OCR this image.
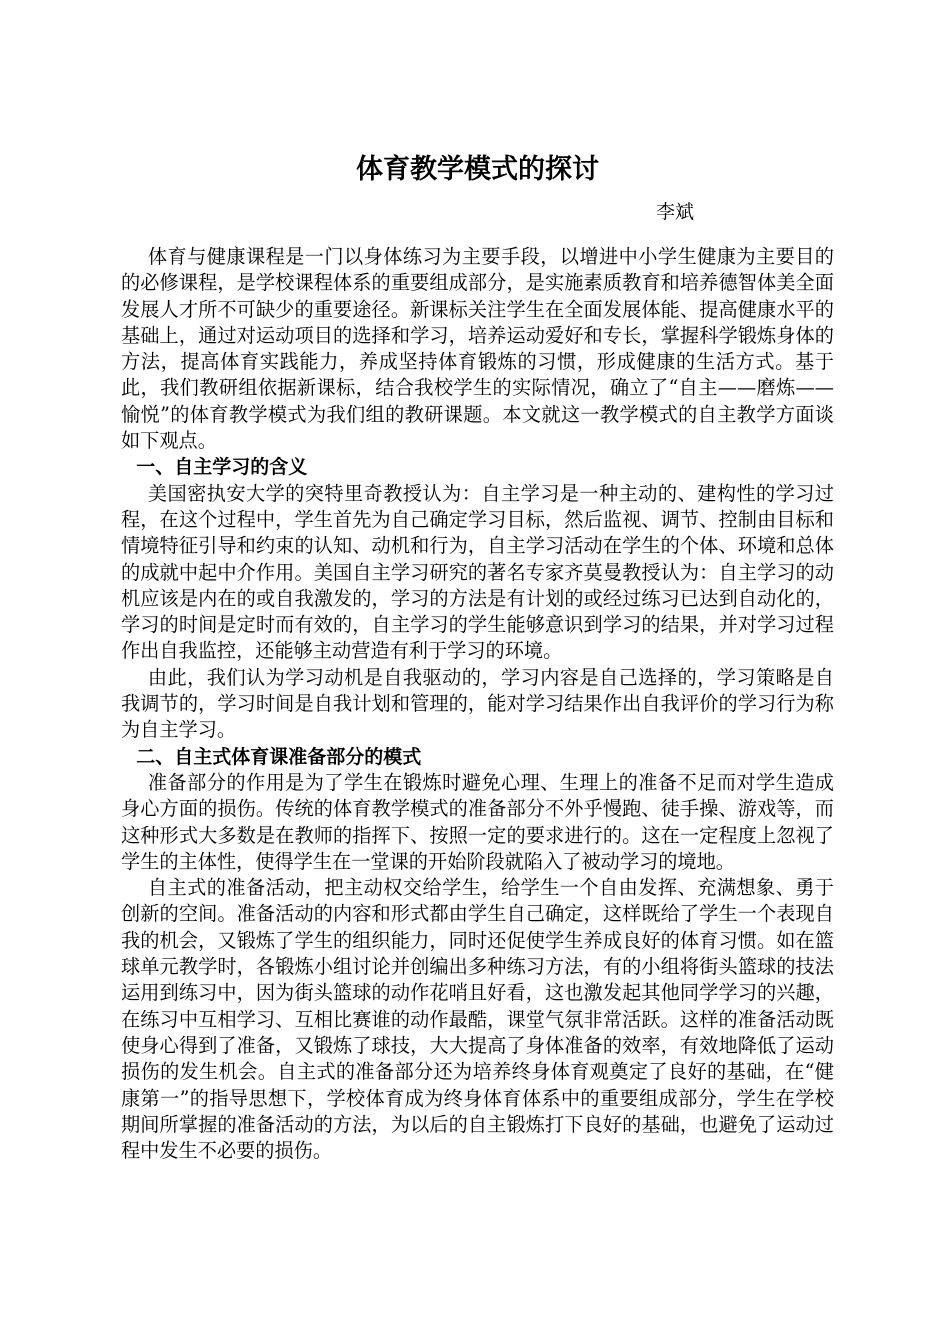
体育教学模式的探讨
李斌

体育与健康课程是一门以身体练习为主要手段，以增进中小学生健康为主要目的的必修课程，是学校课程体系的重要组成部分，是实施素质教育和培养德智体美全面发展人才所不可缺少的重要途径。新课标关注学生在全面发展体能、提高健康水平的基础上，通过对运动项目的选择和学习，培养运动爱好和专长，掌握科学锻炼身体的方法，提高体育实践能力，养成坚持体育锻炼的习惯，形成健康的生活方式。基于此，我们教研组依据新课标，结合我校学生的实际情况，确立了“自主——磨炼——愉悦”的体育教学模式为我们组的教研课题。本文就这一教学模式的自主教学方面谈如下观点。

一、自主学习的含义

美国密执安大学的突特里奇教授认为：自主学习是一种主动的、建构性的学习过程，在这个过程中，学生首先为自己确定学习目标，然后监视、调节、控制由目标和情境特征引导和约束的认知、动机和行为，自主学习活动在学生的个体、环境和总体的成就中起中介作用。美国自主学习研究的著名专家齐莫曼教授认为：自主学习的动机应该是内在的或自我激发的，学习的方法是有计划的或经过练习已达到自动化的，学习的时间是定时而有效的，自主学习的学生能够意识到学习的结果，并对学习过程作出自我监控，还能够主动营造有利于学习的环境。

由此，我们认为学习动机是自我驱动的，学习内容是自己选择的，学习策略是自我调节的，学习时间是自我计划和管理的，能对学习结果作出自我评价的学习行为称为自主学习。

二、自主式体育课准备部分的模式

准备部分的作用是为了学生在锻炼时避免心理、生理上的准备不足而对学生造成身心方面的损伤。传统的体育教学模式的准备部分不外乎慢跑、徒手操、游戏等，而这种形式大多数是在教师的指挥下、按照一定的要求进行的。这在一定程度上忽视了学生的主体性，使得学生在一堂课的开始阶段就陷入了被动学习的境地。

自主式的准备活动，把主动权交给学生，给学生一个自由发挥、充满想象、勇于创新的空间。准备活动的内容和形式都由学生自己确定，这样既给了学生一个表现自我的机会，又锻炼了学生的组织能力，同时还促使学生养成良好的体育习惯。如在篮球单元教学时，各锻炼小组讨论并创编出多种练习方法，有的小组将街头篮球的技法运用到练习中，因为街头篮球的动作花哨且好看，这也激发起其他同学学习的兴趣，在练习中互相学习、互相比赛谁的动作最酷，课堂气氛非常活跃。这样的准备活动既使身心得到了准备，又锻炼了球技，大大提高了身体准备的效率，有效地降低了运动损伤的发生机会。自主式的准备部分还为培养终身体育观奠定了良好的基础，在“健康第一”的指导思想下，学校体育成为终身体育体系中的重要组成部分，学生在学校期间所掌握的准备活动的方法，为以后的自主锻炼打下良好的基础，也避免了运动过程中发生不必要的损伤。
